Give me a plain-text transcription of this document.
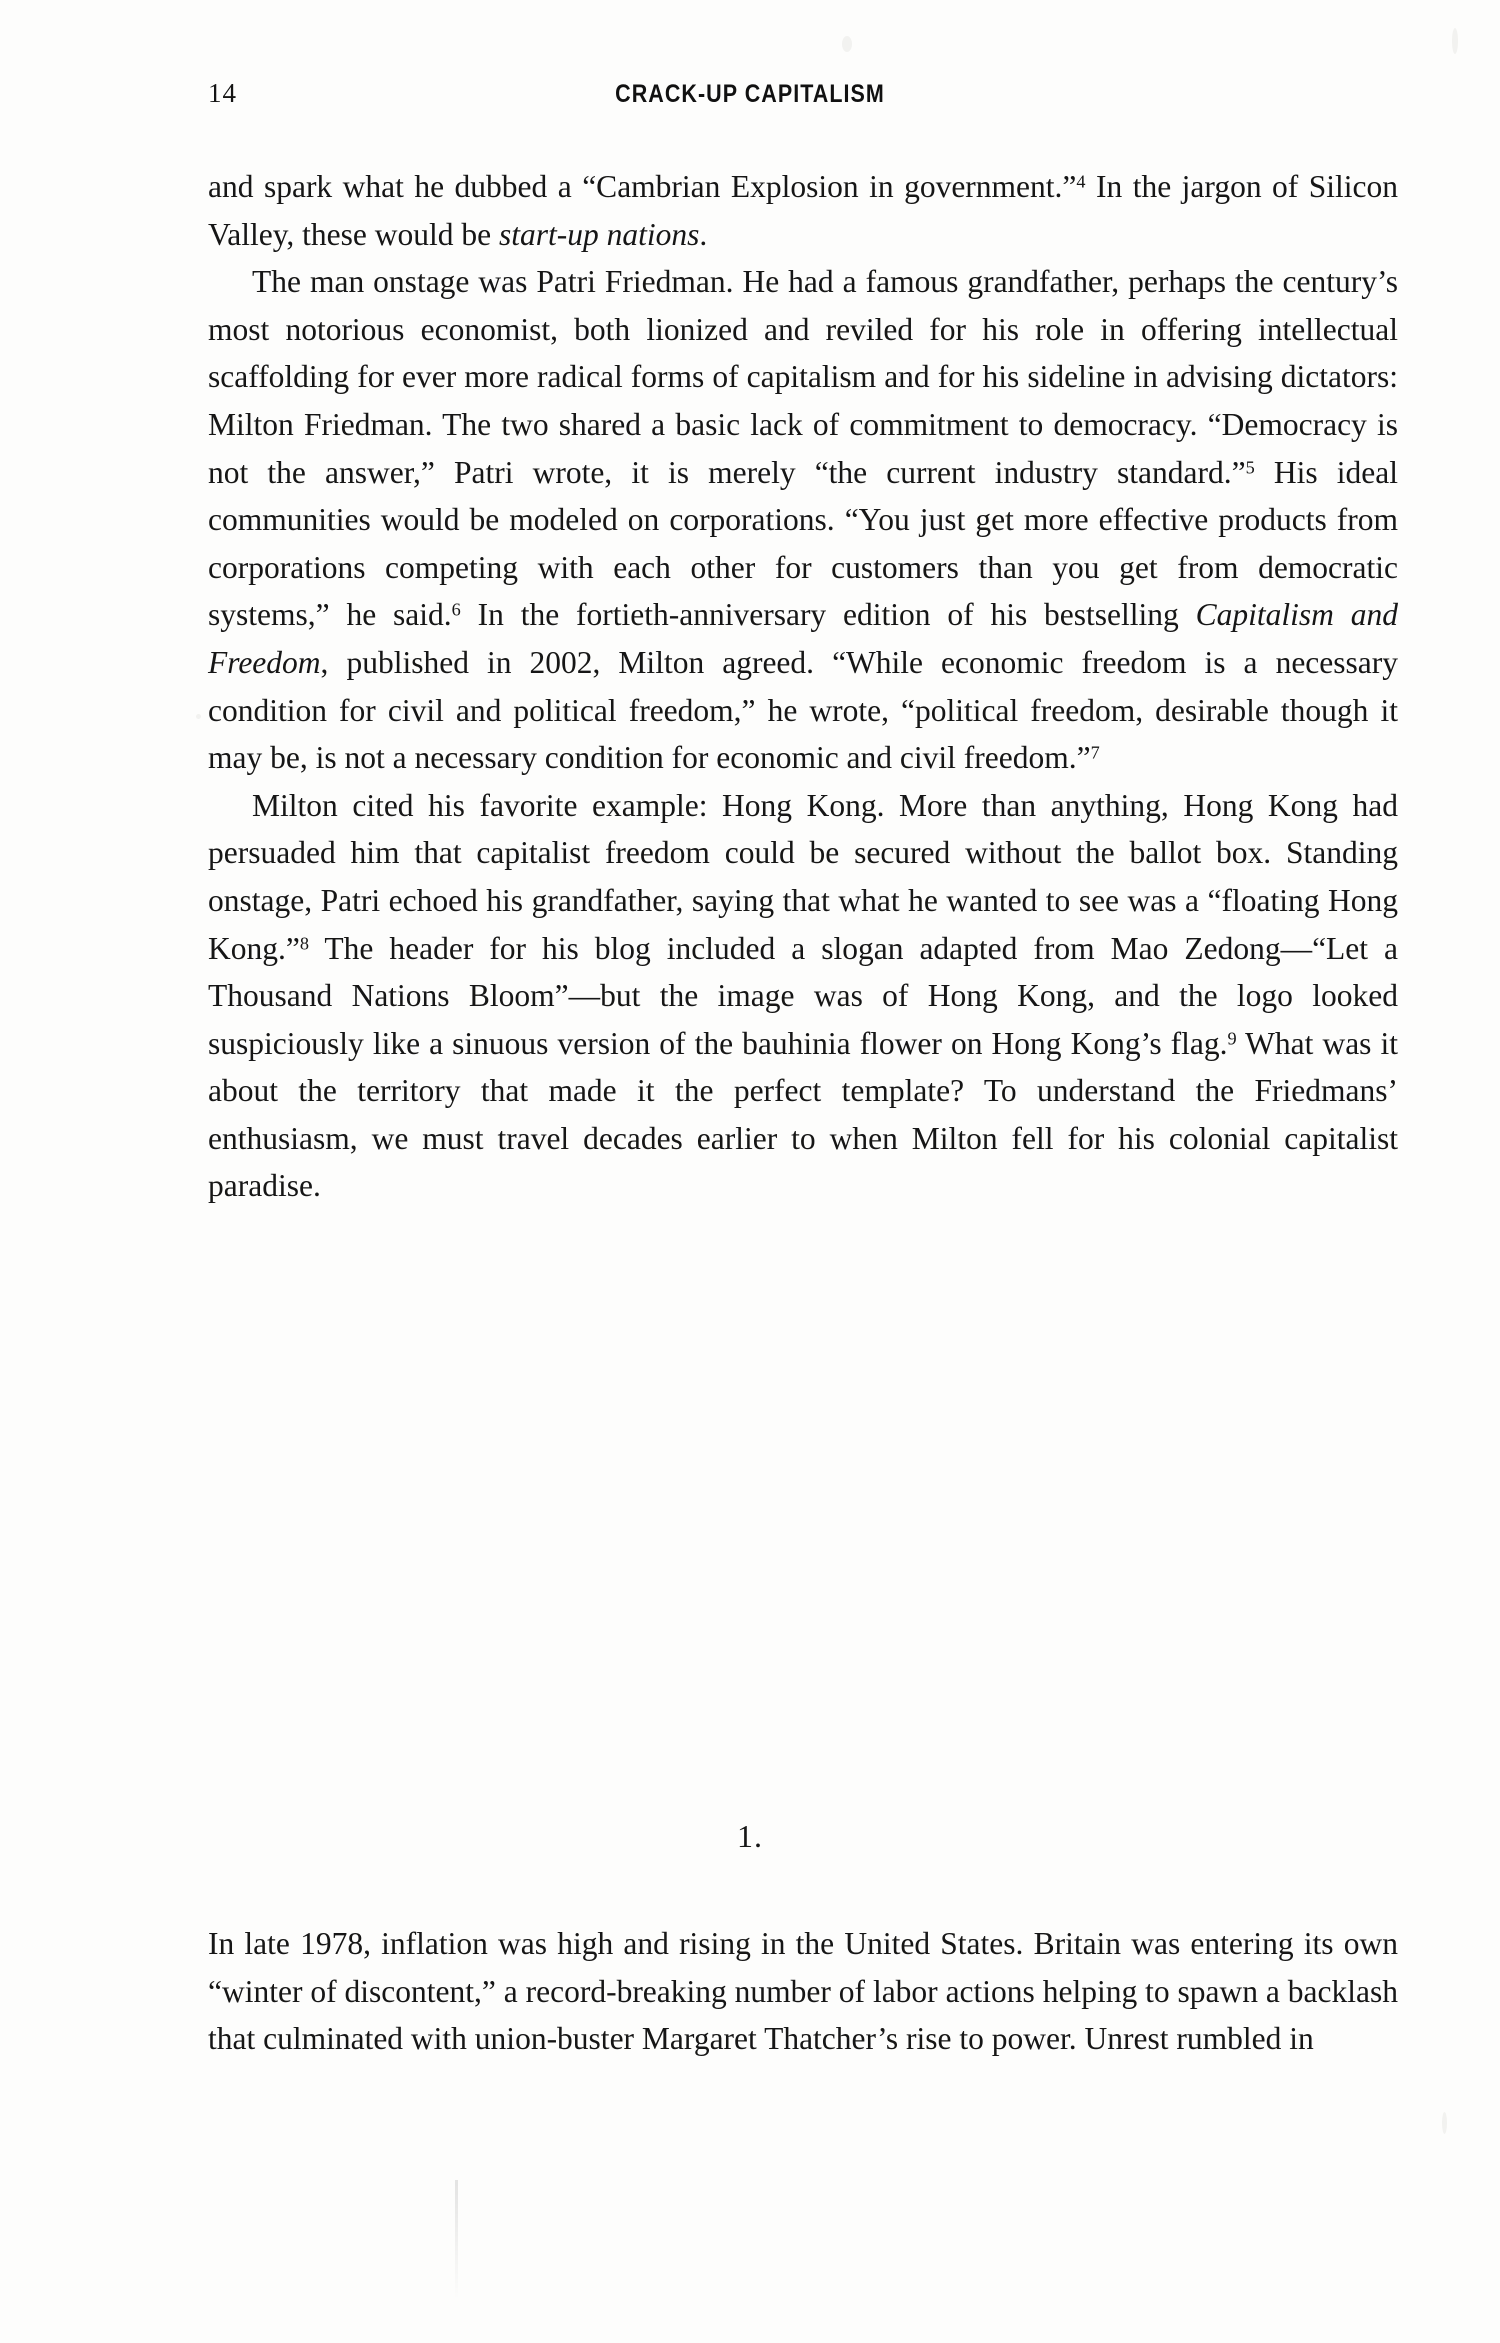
14	CRACK-UP CAPITALISM

and spark what he dubbed a “Cambrian Explosion in government.”$^4$ In the jargon of Silicon Valley, these would be start-up nations.

The man onstage was Patri Friedman. He had a famous grandfather, perhaps the century’s most notorious economist, both lionized and reviled for his role in offering intellectual scaffolding for ever more radical forms of capitalism and for his sideline in advising dictators: Milton Friedman. The two shared a basic lack of commitment to democracy. “Democracy is not the answer,” Patri wrote, it is merely “the current industry standard.”$^5$ His ideal communities would be modeled on corporations. “You just get more effective products from corporations competing with each other for customers than you get from democratic systems,” he said.$^6$ In the fortieth-anniversary edition of his bestselling Capitalism and Freedom, published in 2002, Milton agreed. “While economic freedom is a necessary condition for civil and political freedom,” he wrote, “political freedom, desirable though it may be, is not a necessary condition for economic and civil freedom.”$^7$

Milton cited his favorite example: Hong Kong. More than anything, Hong Kong had persuaded him that capitalist freedom could be secured without the ballot box. Standing onstage, Patri echoed his grandfather, saying that what he wanted to see was a “floating Hong Kong.”$^8$ The header for his blog included a slogan adapted from Mao Zedong—“Let a Thousand Nations Bloom”—but the image was of Hong Kong, and the logo looked suspiciously like a sinuous version of the bauhinia flower on Hong Kong’s flag.$^9$ What was it about the territory that made it the perfect template? To understand the Friedmans’ enthusiasm, we must travel decades earlier to when Milton fell for his colonial capitalist paradise.

1.

In late 1978, inflation was high and rising in the United States. Britain was entering its own “winter of discontent,” a record-breaking number of labor actions helping to spawn a backlash that culminated with union-buster Margaret Thatcher’s rise to power. Unrest rumbled in
